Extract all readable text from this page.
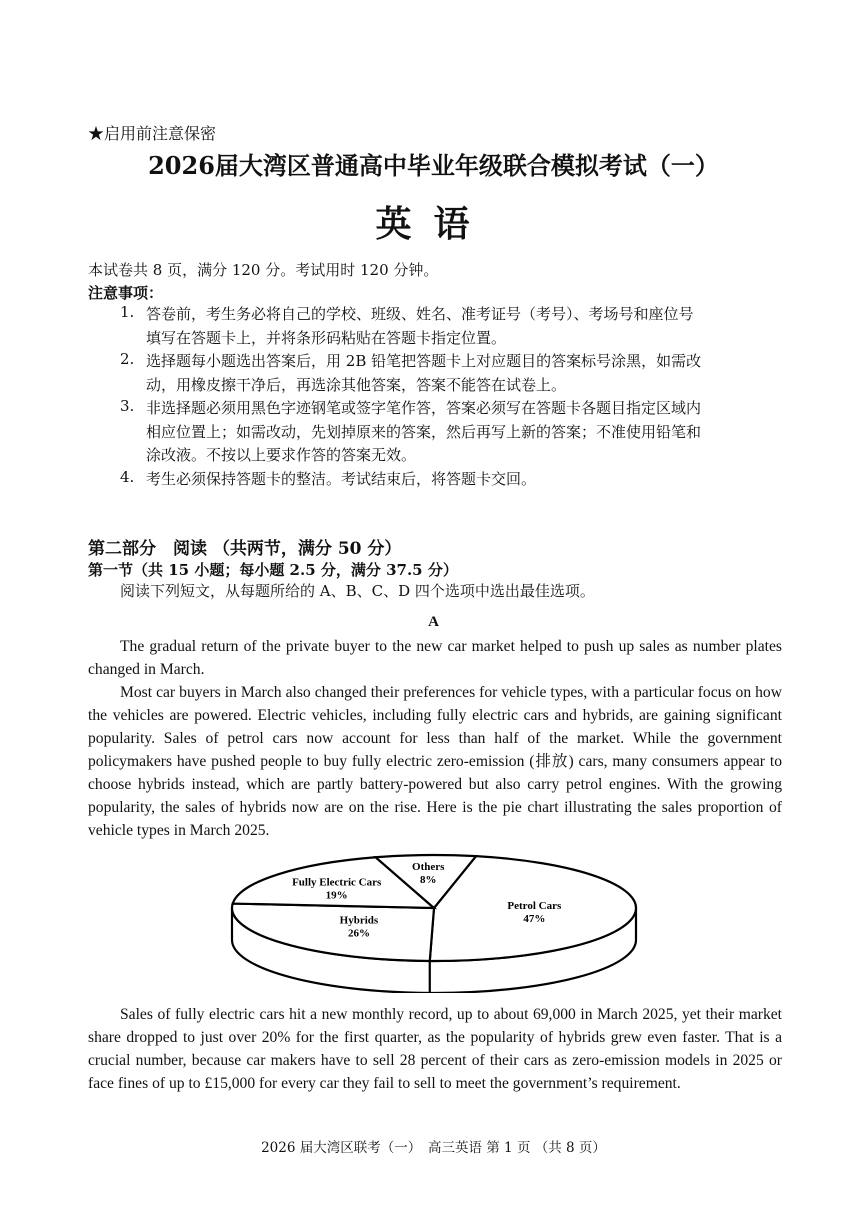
★启用前注意保密
2026届大湾区普通高中毕业年级联合模拟考试（一）
英语
本试卷共 8 页，满分 120 分。考试用时 120 分钟。
注意事项：
1. 答卷前，考生务必将自己的学校、班级、姓名、准考证号（考号）、考场号和座位号
填写在答题卡上，并将条形码粘贴在答题卡指定位置。
2. 选择题每小题选出答案后，用 2B 铅笔把答题卡上对应题目的答案标号涂黑，如需改
动，用橡皮擦干净后，再选涂其他答案，答案不能答在试卷上。
3. 非选择题必须用黑色字迹钢笔或签字笔作答，答案必须写在答题卡各题目指定区域内
相应位置上；如需改动，先划掉原来的答案，然后再写上新的答案；不准使用铅笔和
涂改液。不按以上要求作答的答案无效。
4. 考生必须保持答题卡的整洁。考试结束后，将答题卡交回。
第二部分　阅读 （共两节，满分 50 分）
第一节（共 15 小题；每小题 2.5 分，满分 37.5 分）
阅读下列短文，从每题所给的 A、B、C、D 四个选项中选出最佳选项。
A
The gradual return of the private buyer to the new car market helped to push up sales as number plates changed in March.
Most car buyers in March also changed their preferences for vehicle types, with a particular focus on how the vehicles are powered. Electric vehicles, including fully electric cars and hybrids, are gaining significant popularity. Sales of petrol cars now account for less than half of the market. While the government policymakers have pushed people to buy fully electric zero-emission (排放) cars, many consumers appear to choose hybrids instead, which are partly battery-powered but also carry petrol engines. With the growing popularity, the sales of hybrids now are on the rise. Here is the pie chart illustrating the sales proportion of vehicle types in March 2025.
Petrol Cars
47%
Hybrids
26%
Fully Electric Cars
19%
Others
8%
Sales of fully electric cars hit a new monthly record, up to about 69,000 in March 2025, yet their market share dropped to just over 20% for the first quarter, as the popularity of hybrids grew even faster. That is a crucial number, because car makers have to sell 28 percent of their cars as zero-emission models in 2025 or face fines of up to £15,000 for every car they fail to sell to meet the government’s requirement.
2026 届大湾区联考（一）　高三英语 第 1 页 （共 8 页）
